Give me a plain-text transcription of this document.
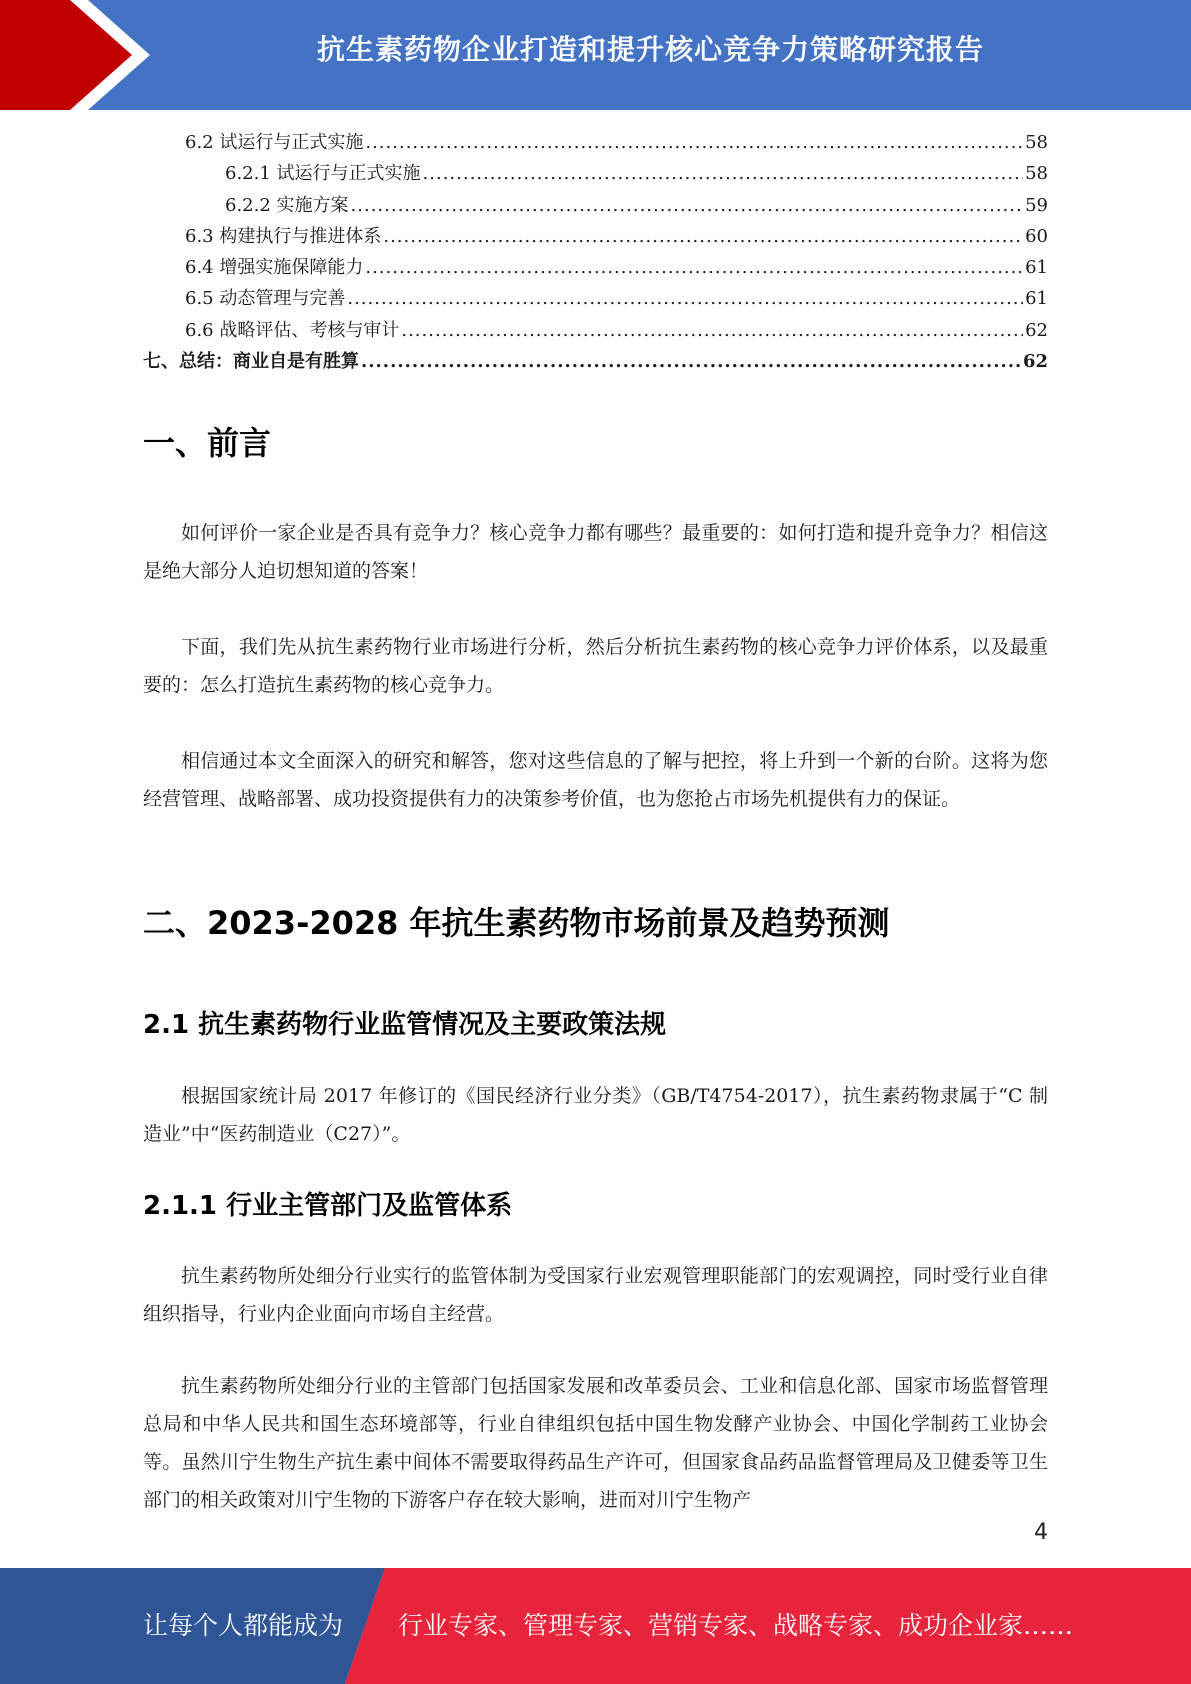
抗生素药物企业打造和提升核心竞争力策略研究报告
6.2 试运行与正式实施 .....	58
6.2.1 试运行与正式实施 .....	58
6.2.2 实施方案 .....	59
6.3 构建执行与推进体系 .....	60
6.4 增强实施保障能力 .....	61
6.5 动态管理与完善 .....	61
6.6 战略评估、考核与审计 .....	62
七、总结：商业自是有胜算 .....	62
一、前言
如何评价一家企业是否具有竞争力？核心竞争力都有哪些？最重要的：如何打造和提升竞争力？相信这是绝大部分人迫切想知道的答案！
下面，我们先从抗生素药物行业市场进行分析，然后分析抗生素药物的核心竞争力评价体系，以及最重要的：怎么打造抗生素药物的核心竞争力。
相信通过本文全面深入的研究和解答，您对这些信息的了解与把控，将上升到一个新的台阶。这将为您经营管理、战略部署、成功投资提供有力的决策参考价值，也为您抢占市场先机提供有力的保证。
二、2023-2028 年抗生素药物市场前景及趋势预测
2.1 抗生素药物行业监管情况及主要政策法规
根据国家统计局 2017 年修订的《国民经济行业分类》（GB/T4754-2017），抗生素药物隶属于“C 制造业”中“医药制造业（C27）”。
2.1.1 行业主管部门及监管体系
抗生素药物所处细分行业实行的监管体制为受国家行业宏观管理职能部门的宏观调控，同时受行业自律组织指导，行业内企业面向市场自主经营。
抗生素药物所处细分行业的主管部门包括国家发展和改革委员会、工业和信息化部、国家市场监督管理总局和中华人民共和国生态环境部等，行业自律组织包括中国生物发酵产业协会、中国化学制药工业协会等。虽然川宁生物生产抗生素中间体不需要取得药品生产许可，但国家食品药品监督管理局及卫健委等卫生部门的相关政策对川宁生物的下游客户存在较大影响，进而对川宁生物产
4
让每个人都能成为 行业专家、管理专家、营销专家、战略专家、成功企业家……
